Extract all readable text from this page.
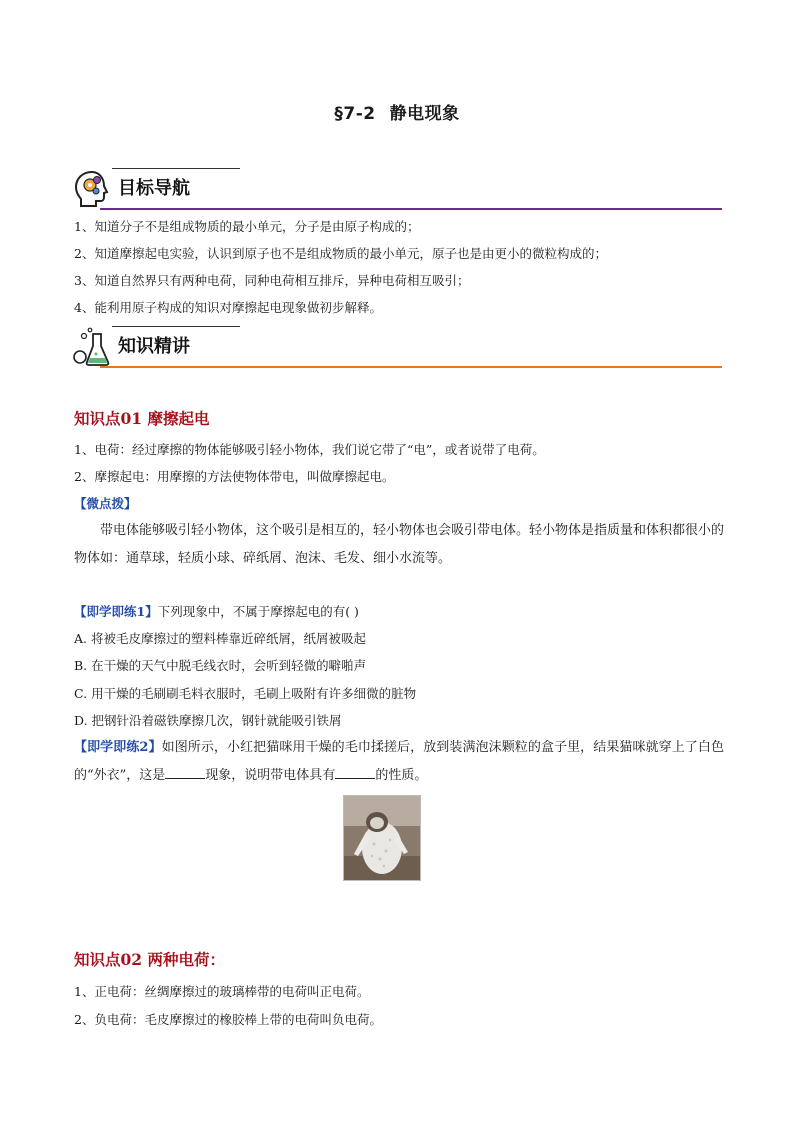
§7-2 静电现象
目标导航
1、知道分子不是组成物质的最小单元，分子是由原子构成的；
2、知道摩擦起电实验，认识到原子也不是组成物质的最小单元，原子也是由更小的微粒构成的；
3、知道自然界只有两种电荷，同种电荷相互排斥，异种电荷相互吸引；
4、能利用原子构成的知识对摩擦起电现象做初步解释。
知识精讲
知识点01 摩擦起电
1、电荷：经过摩擦的物体能够吸引轻小物体，我们说它带了“电”，或者说带了电荷。
2、摩擦起电：用摩擦的方法使物体带电，叫做摩擦起电。
【微点拨】
带电体能够吸引轻小物体，这个吸引是相互的，轻小物体也会吸引带电体。轻小物体是指质量和体积都很小的物体如：通草球，轻质小球、碎纸屑、泡沫、毛发、细小水流等。
【即学即练1】下列现象中，不属于摩擦起电的有( )
A. 将被毛皮摩擦过的塑料棒靠近碎纸屑，纸屑被吸起
B. 在干燥的天气中脱毛线衣时，会听到轻微的噼啪声
C. 用干燥的毛刷刷毛料衣服时，毛刷上吸附有许多细微的脏物
D. 把钢针沿着磁铁摩擦几次，钢针就能吸引铁屑
【即学即练2】如图所示，小红把猫咪用干燥的毛巾揉搓后，放到装满泡沫颗粒的盒子里，结果猫咪就穿上了白色的“外衣”，这是	现象，说明带电体具有	的性质。
知识点02 两种电荷：
1、正电荷：丝绸摩擦过的玻璃棒带的电荷叫正电荷。
2、负电荷：毛皮摩擦过的橡胶棒上带的电荷叫负电荷。
